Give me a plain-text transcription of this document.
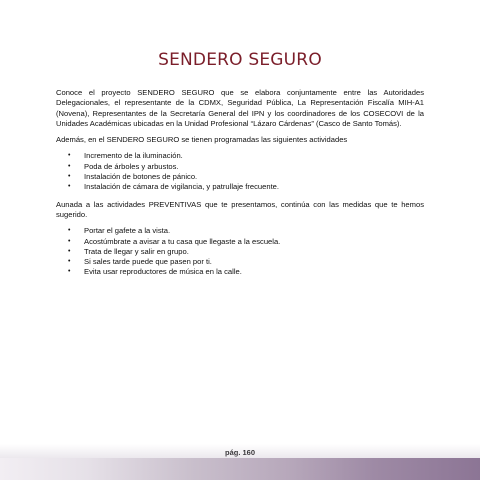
SENDERO SEGURO

Conoce el proyecto SENDERO SEGURO que se elabora conjuntamente entre las Autoridades Delegacionales, el representante de la CDMX, Seguridad Pública, La Representación Fiscalía MIH-A1 (Novena), Representantes de la Secretaría General del IPN y los coordinadores de los COSECOVI de la Unidades Académicas ubicadas en la Unidad Profesional “Lázaro Cárdenas” (Casco de Santo Tomás).

Además, en el SENDERO SEGURO se tienen programadas las siguientes actividades

• Incremento de la iluminación.
• Poda de árboles y arbustos.
• Instalación de botones de pánico.
• Instalación de cámara de vigilancia, y patrullaje frecuente.

Aunada a las actividades PREVENTIVAS que te presentamos, continúa con las medidas que te hemos sugerido.

• Portar el gafete a la vista.
• Acostúmbrate a avisar a tu casa que llegaste a la escuela.
• Trata de llegar y salir en grupo.
• Si sales tarde puede que pasen por ti.
• Evita usar reproductores de música en la calle.
